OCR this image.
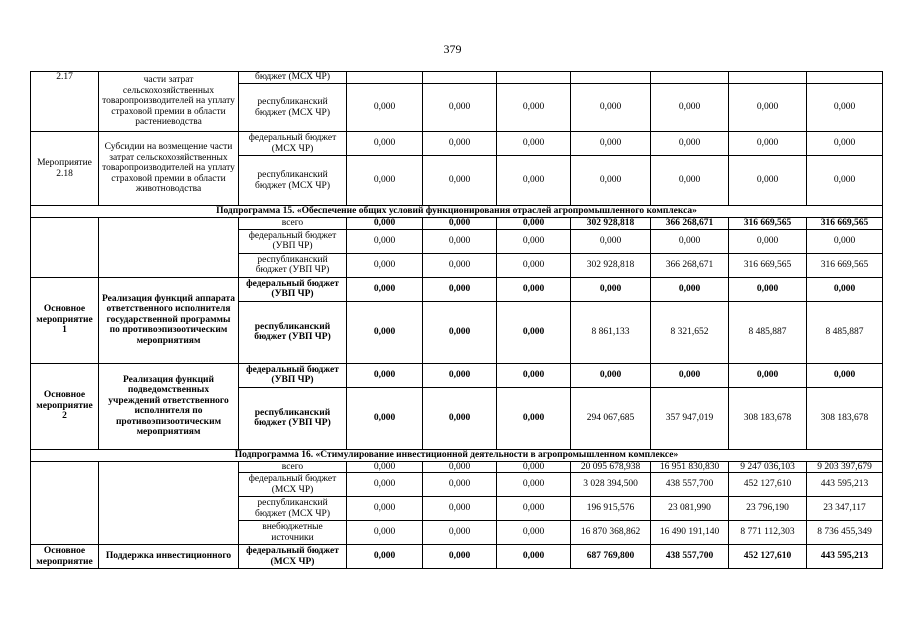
379
2.17	части затрат сельскохозяйственных товаропроизводителей на уплату страховой премии в области растениеводства	бюджет (МСХ ЧР)							
		республиканский бюджет (МСХ ЧР)	0,000	0,000	0,000	0,000	0,000	0,000	0,000
Мероприятие 2.18	Субсидии на возмещение части затрат сельскохозяйственных товаропроизводителей на уплату страховой премии в области животноводства	федеральный бюджет (МСХ ЧР)	0,000	0,000	0,000	0,000	0,000	0,000	0,000
		республиканский бюджет (МСХ ЧР)	0,000	0,000	0,000	0,000	0,000	0,000	0,000
Подпрограмма 15. «Обеспечение общих условий функционирования отраслей агропромышленного комплекса»									
		всего	0,000	0,000	0,000	302 928,818	366 268,671	316 669,565	316 669,565
		федеральный бюджет (УВП ЧР)	0,000	0,000	0,000	0,000	0,000	0,000	0,000
		республиканский бюджет (УВП ЧР)	0,000	0,000	0,000	302 928,818	366 268,671	316 669,565	316 669,565
Основное мероприятие 1	Реализация функций аппарата ответственного исполнителя государственной программы по противоэпизоотическим мероприятиям	федеральный бюджет (УВП ЧР)	0,000	0,000	0,000	0,000	0,000	0,000	0,000
		республиканский бюджет (УВП ЧР)	0,000	0,000	0,000	8 861,133	8 321,652	8 485,887	8 485,887
Основное мероприятие 2	Реализация функций подведомственных учреждений ответственного исполнителя по противоэпизоотическим мероприятиям	федеральный бюджет (УВП ЧР)	0,000	0,000	0,000	0,000	0,000	0,000	0,000
		республиканский бюджет (УВП ЧР)	0,000	0,000	0,000	294 067,685	357 947,019	308 183,678	308 183,678
Подпрограмма 16. «Стимулирование инвестиционной деятельности в агропромышленном комплексе»									
		всего	0,000	0,000	0,000	20 095 678,938	16 951 830,830	9 247 036,103	9 203 397,679
		федеральный бюджет (МСХ ЧР)	0,000	0,000	0,000	3 028 394,500	438 557,700	452 127,610	443 595,213
		республиканский бюджет (МСХ ЧР)	0,000	0,000	0,000	196 915,576	23 081,990	23 796,190	23 347,117
		внебюджетные источники	0,000	0,000	0,000	16 870 368,862	16 490 191,140	8 771 112,303	8 736 455,349
Основное мероприятие	Поддержка инвестиционного	федеральный бюджет (МСХ ЧР)	0,000	0,000	0,000	687 769,800	438 557,700	452 127,610	443 595,213
